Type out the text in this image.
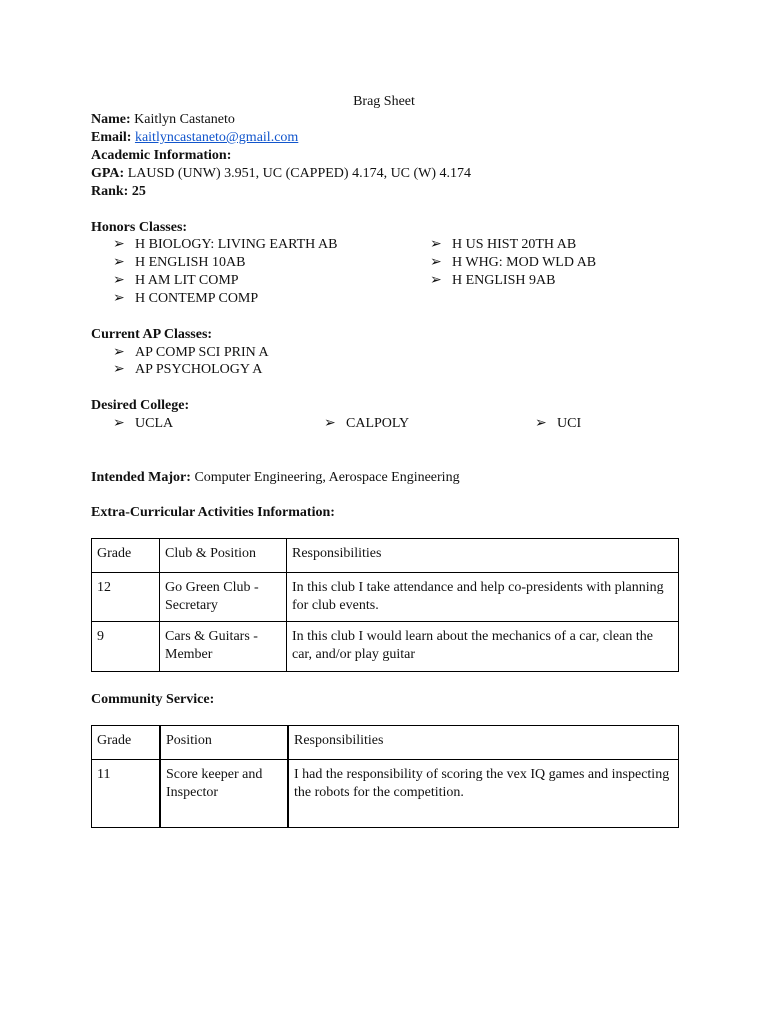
Brag Sheet
Name: Kaitlyn Castaneto
Email: kaitlyncastaneto@gmail.com
Academic Information:
GPA: LAUSD (UNW) 3.951, UC (CAPPED) 4.174, UC (W) 4.174
Rank: 25
Honors Classes:
➢ H BIOLOGY: LIVING EARTH AB
➢ H ENGLISH 10AB
➢ H AM LIT COMP
➢ H CONTEMP COMP
➢ H US HIST 20TH AB
➢ H WHG: MOD WLD AB
➢ H ENGLISH 9AB
Current AP Classes:
➢ AP COMP SCI PRIN A
➢ AP PSYCHOLOGY A
Desired College:
➢ UCLA	➢ CALPOLY	➢ UCI
Intended Major: Computer Engineering, Aerospace Engineering
Extra-Curricular Activities Information:
Grade	Club & Position	Responsibilities
12	Go Green Club - Secretary	In this club I take attendance and help co-presidents with planning for club events.
9	Cars & Guitars - Member	In this club I would learn about the mechanics of a car, clean the car, and/or play guitar
Community Service:
Grade	Position	Responsibilities
11	Score keeper and Inspector	I had the responsibility of scoring the vex IQ games and inspecting the robots for the competition.
